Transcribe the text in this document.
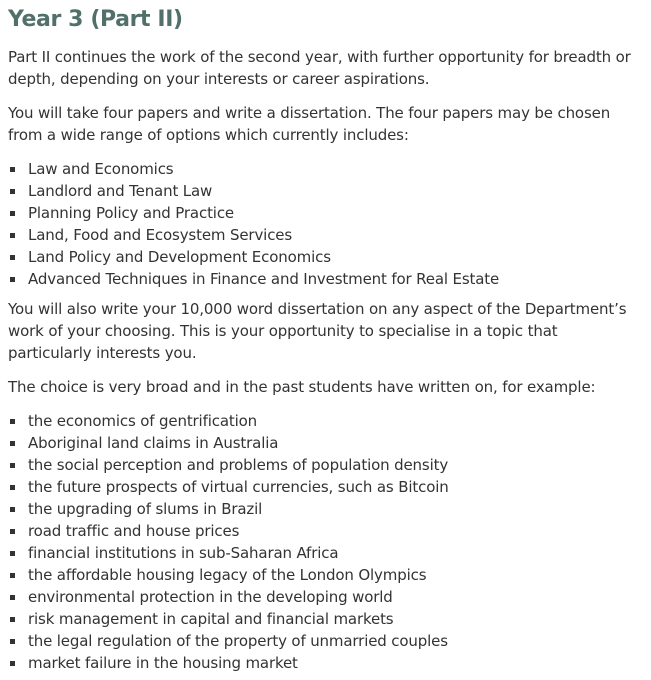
Year 3 (Part II)

Part II continues the work of the second year, with further opportunity for breadth or depth, depending on your interests or career aspirations.

You will take four papers and write a dissertation. The four papers may be chosen from a wide range of options which currently includes:

Law and Economics
Landlord and Tenant Law
Planning Policy and Practice
Land, Food and Ecosystem Services
Land Policy and Development Economics
Advanced Techniques in Finance and Investment for Real Estate

You will also write your 10,000 word dissertation on any aspect of the Department’s work of your choosing. This is your opportunity to specialise in a topic that particularly interests you.

The choice is very broad and in the past students have written on, for example:

the economics of gentrification
Aboriginal land claims in Australia
the social perception and problems of population density
the future prospects of virtual currencies, such as Bitcoin
the upgrading of slums in Brazil
road traffic and house prices
financial institutions in sub-Saharan Africa
the affordable housing legacy of the London Olympics
environmental protection in the developing world
risk management in capital and financial markets
the legal regulation of the property of unmarried couples
market failure in the housing market
